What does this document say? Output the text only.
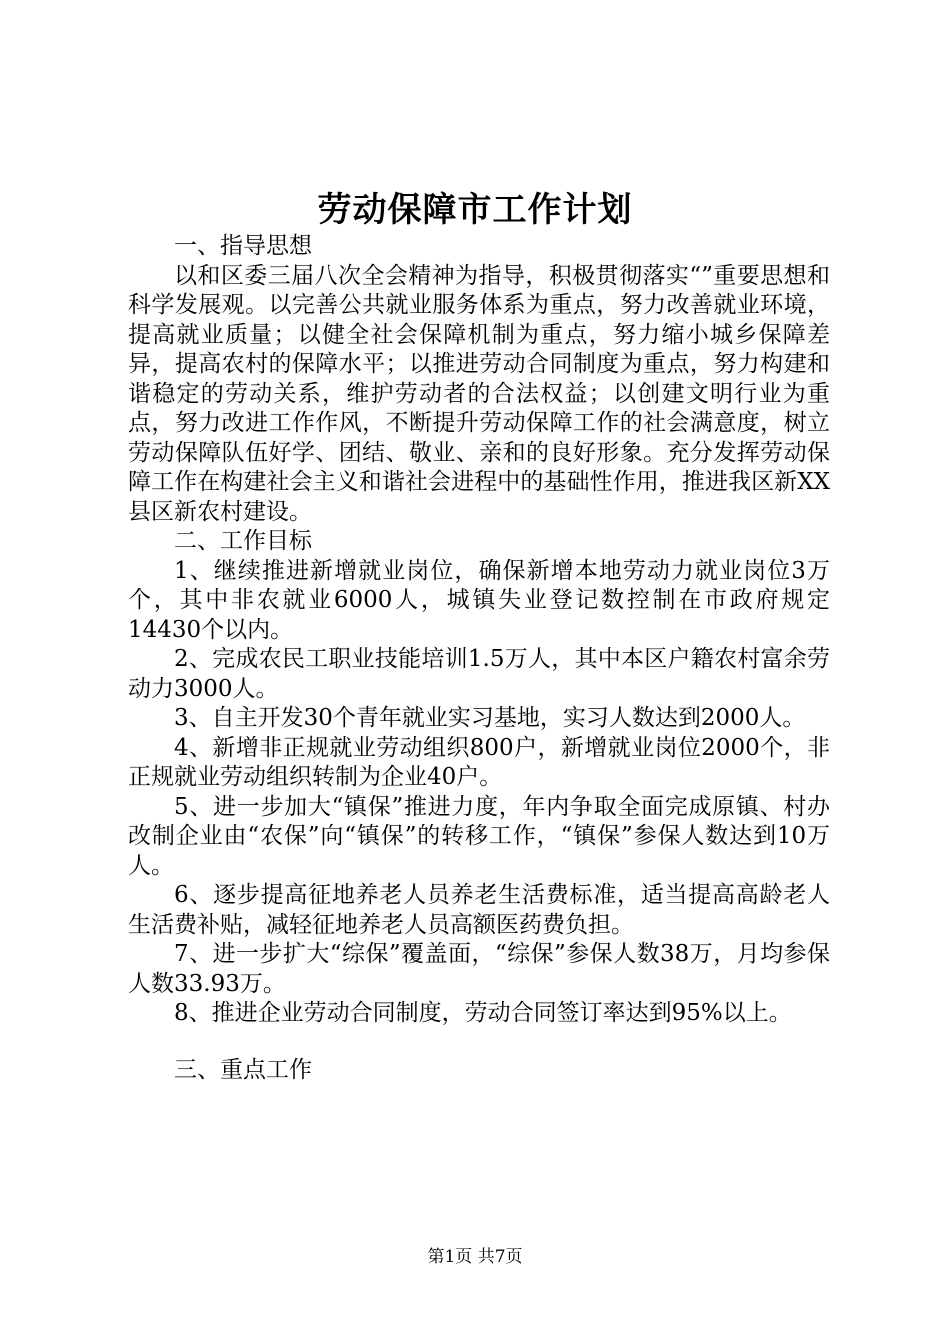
劳动保障市工作计划

一、指导思想

以和区委三届八次全会精神为指导，积极贯彻落实“”重要思想和科学发展观。以完善公共就业服务体系为重点，努力改善就业环境，提高就业质量；以健全社会保障机制为重点，努力缩小城乡保障差异，提高农村的保障水平；以推进劳动合同制度为重点，努力构建和谐稳定的劳动关系，维护劳动者的合法权益；以创建文明行业为重点，努力改进工作作风，不断提升劳动保障工作的社会满意度，树立劳动保障队伍好学、团结、敬业、亲和的良好形象。充分发挥劳动保障工作在构建社会主义和谐社会进程中的基础性作用，推进我区新XX县区新农村建设。

二、工作目标

1、继续推进新增就业岗位，确保新增本地劳动力就业岗位3万个，其中非农就业6000人，城镇失业登记数控制在市政府规定14430个以内。

2、完成农民工职业技能培训1.5万人，其中本区户籍农村富余劳动力3000人。

3、自主开发30个青年就业实习基地，实习人数达到2000人。

4、新增非正规就业劳动组织800户，新增就业岗位2000个，非正规就业劳动组织转制为企业40户。

5、进一步加大“镇保”推进力度，年内争取全面完成原镇、村办改制企业由“农保”向“镇保”的转移工作，“镇保”参保人数达到10万人。

6、逐步提高征地养老人员养老生活费标准，适当提高高龄老人生活费补贴，减轻征地养老人员高额医药费负担。

7、进一步扩大“综保”覆盖面，“综保”参保人数38万，月均参保人数33.93万。

8、推进企业劳动合同制度，劳动合同签订率达到95%以上。

三、重点工作

第1页 共7页
